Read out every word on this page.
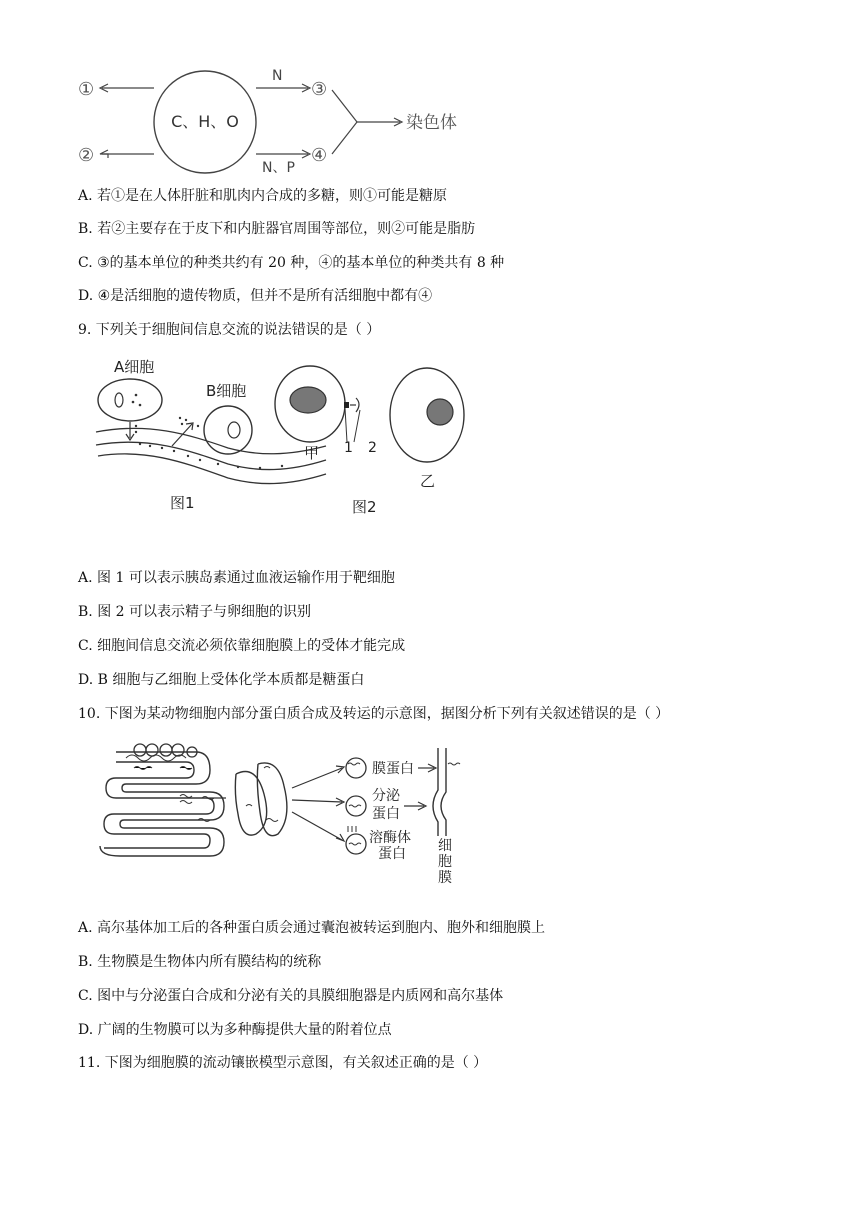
①
②
③
④
C、H、O
N
N、P
染色体
A. 若①是在人体肝脏和肌肉内合成的多糖，则①可能是糖原
B. 若②主要存在于皮下和内脏器官周围等部位，则②可能是脂肪
C. ③的基本单位的种类共约有 20 种，④的基本单位的种类共有 8 种
D. ④是活细胞的遗传物质，但并不是所有活细胞中都有④
9. 下列关于细胞间信息交流的说法错误的是（ ）
A细胞
B细胞
图1
甲 1 2
乙
图2
A. 图 1 可以表示胰岛素通过血液运输作用于靶细胞
B. 图 2 可以表示精子与卵细胞的识别
C. 细胞间信息交流必须依靠细胞膜上的受体才能完成
D. B 细胞与乙细胞上受体化学本质都是糖蛋白
10. 下图为某动物细胞内部分蛋白质合成及转运的示意图，据图分析下列有关叙述错误的是（ ）
膜蛋白
分泌
蛋白
溶酶体
蛋白 细
胞
膜
A. 高尔基体加工后的各种蛋白质会通过囊泡被转运到胞内、胞外和细胞膜上
B. 生物膜是生物体内所有膜结构的统称
C. 图中与分泌蛋白合成和分泌有关的具膜细胞器是内质网和高尔基体
D. 广阔的生物膜可以为多种酶提供大量的附着位点
11. 下图为细胞膜的流动镶嵌模型示意图，有关叙述正确的是（ ）
